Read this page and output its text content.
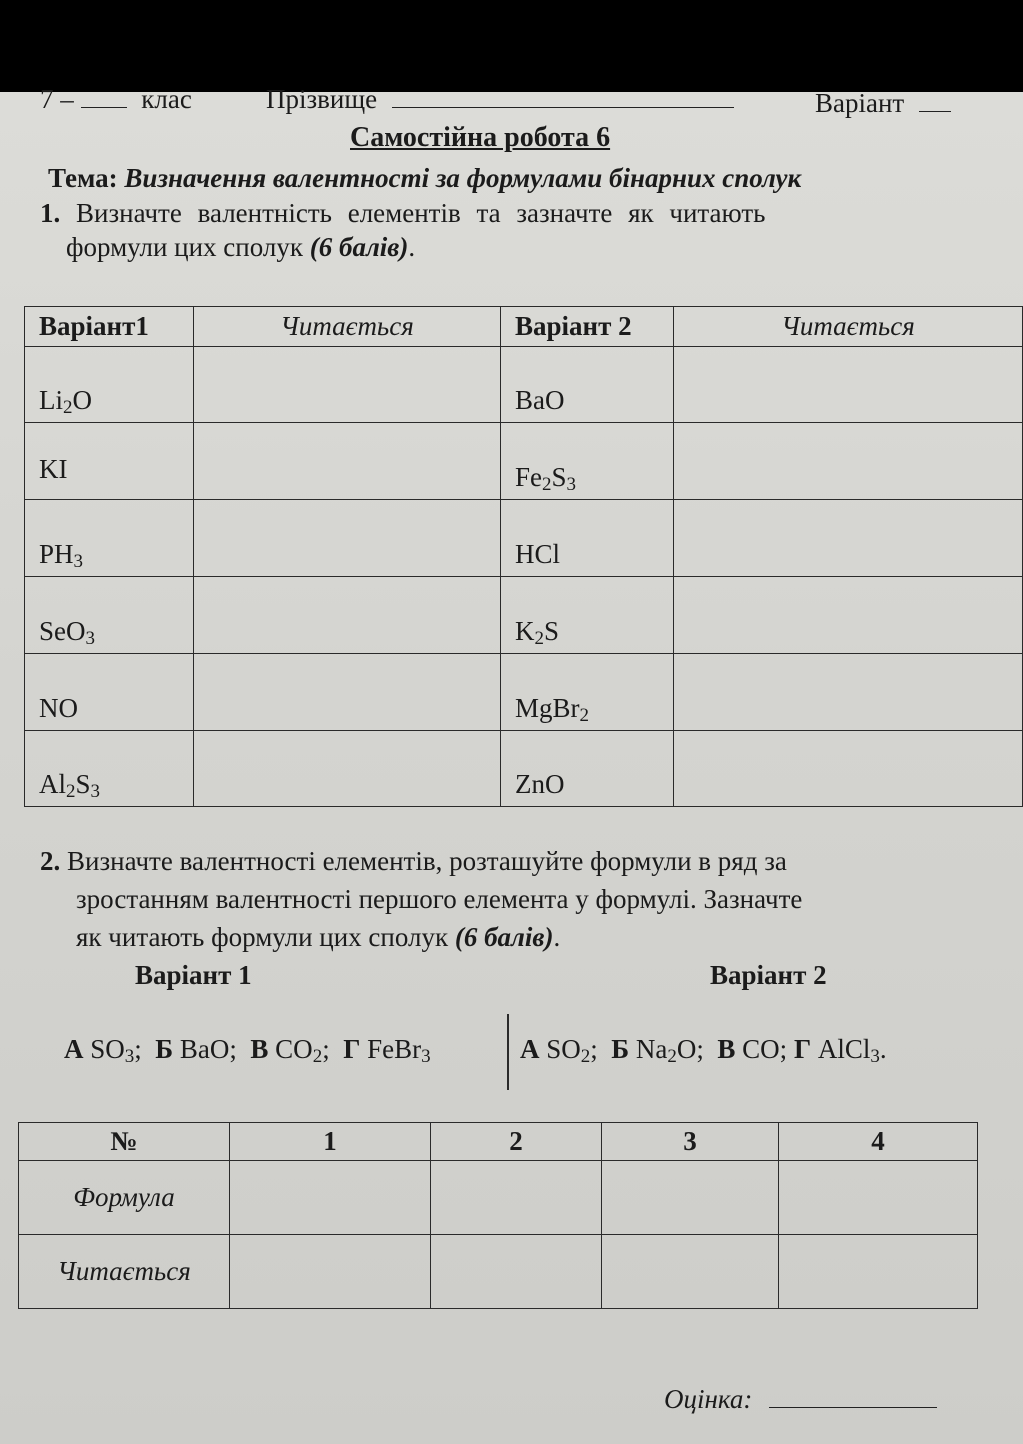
7 –	клас	Прізвище	Варіант
Самостійна робота 6
Тема: Визначення валентності за формулами бінарних сполук
1. Визначте валентність елементів та зазначте як читають
формули цих сполук (6 балів).
Варіант1	Читається	Варіант 2	Читається
$Li_2O$		BaO	
KI		$Fe_2S_3$	
$PH_3$		HCl	
SeO$_3$		$K_2S$	
NO		MgBr$_2$	
$Al_2S_3$		ZnO	
2. Визначте валентності елементів, розташуйте формули в ряд за
зростанням валентності першого елемента у формулі. Зазначте
як читають формули цих сполук (6 балів).
Варіант 1	Варіант 2
А $SO_3$; Б BaO; В $CO_2$; Г FeBr$_3$	А $SO_2$; Б $Na_2O$; В CO; Г AlCl$_3$.
№	1	2	3	4
Формула				
Читається				
Оцінка:
